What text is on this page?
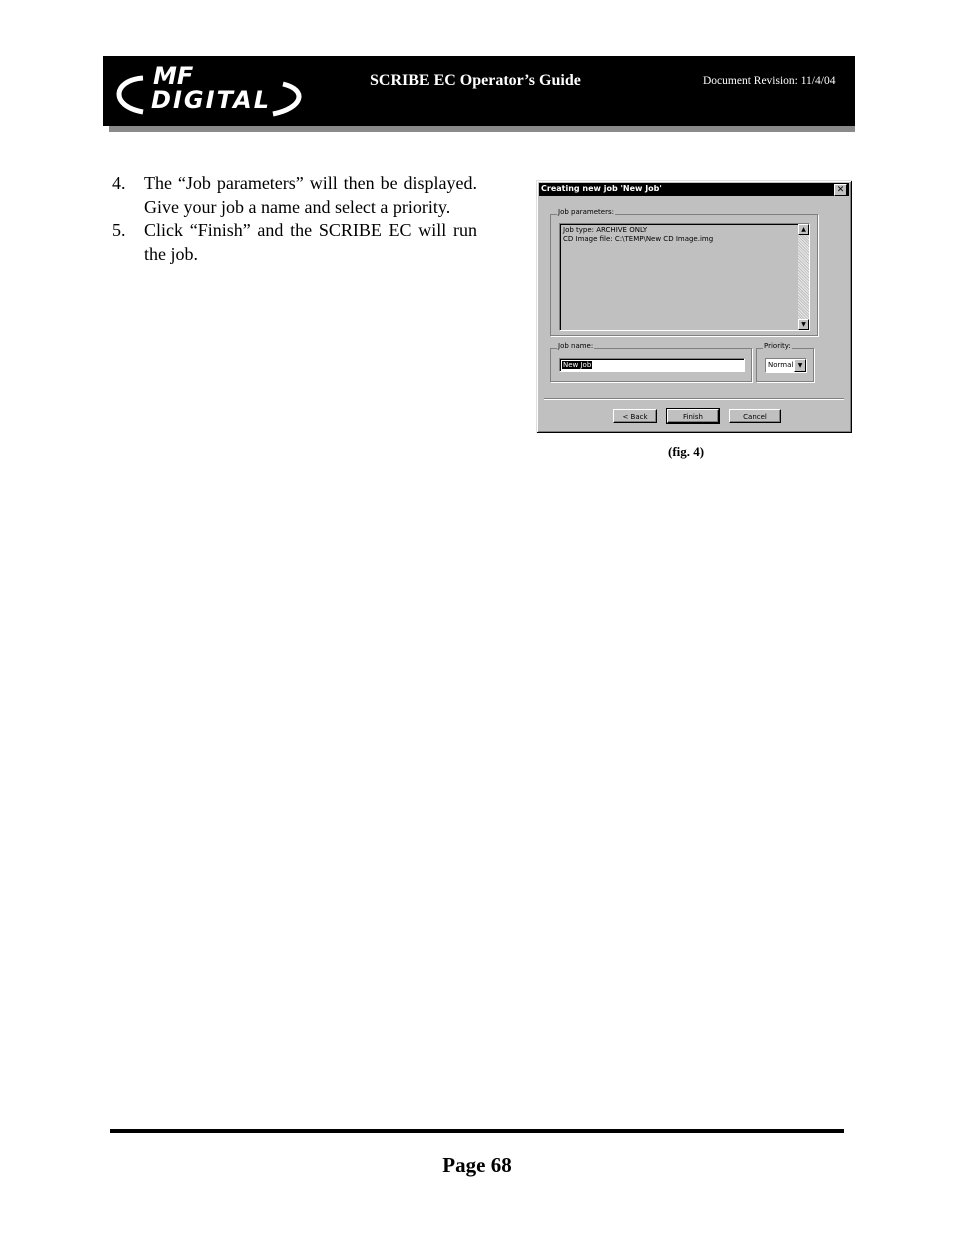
MF
DIGITAL
SCRIBE EC Operator’s Guide	Document Revision: 11/4/04
4.	The “Job parameters” will then be displayed. Give your job a name and select a priority.
5.	Click “Finish” and the SCRIBE EC will run the job.
Creating new job 'New Job'	✕
Job parameters:
Job type: ARCHIVE ONLY
CD Image file: C:\TEMP\New CD Image.img
▲
▼
Job name:
New Job
Priority:
Normal ▼
< Back	Finish	Cancel
(fig. 4)
Page 68
